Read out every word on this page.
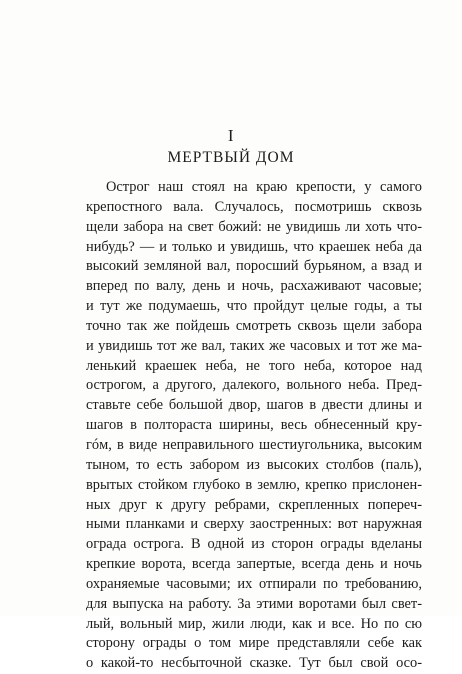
I
МЕРТВЫЙ ДОМ
Острог наш стоял на краю крепости, у самого
крепостного вала. Случалось, посмотришь сквозь
щели забора на свет божий: не увидишь ли хоть что-
нибудь? — и только и увидишь, что краешек неба да
высокий земляной вал, поросший бурьяном, а взад и
вперед по валу, день и ночь, расхаживают часовые;
и тут же подумаешь, что пройдут целые годы, а ты
точно так же пойдешь смотреть сквозь щели забора
и увидишь тот же вал, таких же часовых и тот же ма-
ленький краешек неба, не того неба, которое над
острогом, а другого, далекого, вольного неба. Пред-
ставьте себе большой двор, шагов в двести длины и
шагов в полтораста ширины, весь обнесенный кру-
гóм, в виде неправильного шестиугольника, высоким
тыном, то есть забором из высоких столбов (паль),
врытых стойком глубоко в землю, крепко прислонен-
ных друг к другу ребрами, скрепленных попереч-
ными планками и сверху заостренных: вот наружная
ограда острога. В одной из сторон ограды вделаны
крепкие ворота, всегда запертые, всегда день и ночь
охраняемые часовыми; их отпирали по требованию,
для выпуска на работу. За этими воротами был свет-
лый, вольный мир, жили люди, как и все. Но по сю
сторону ограды о том мире представляли себе как
о какой-то несбыточной сказке. Тут был свой осо-
